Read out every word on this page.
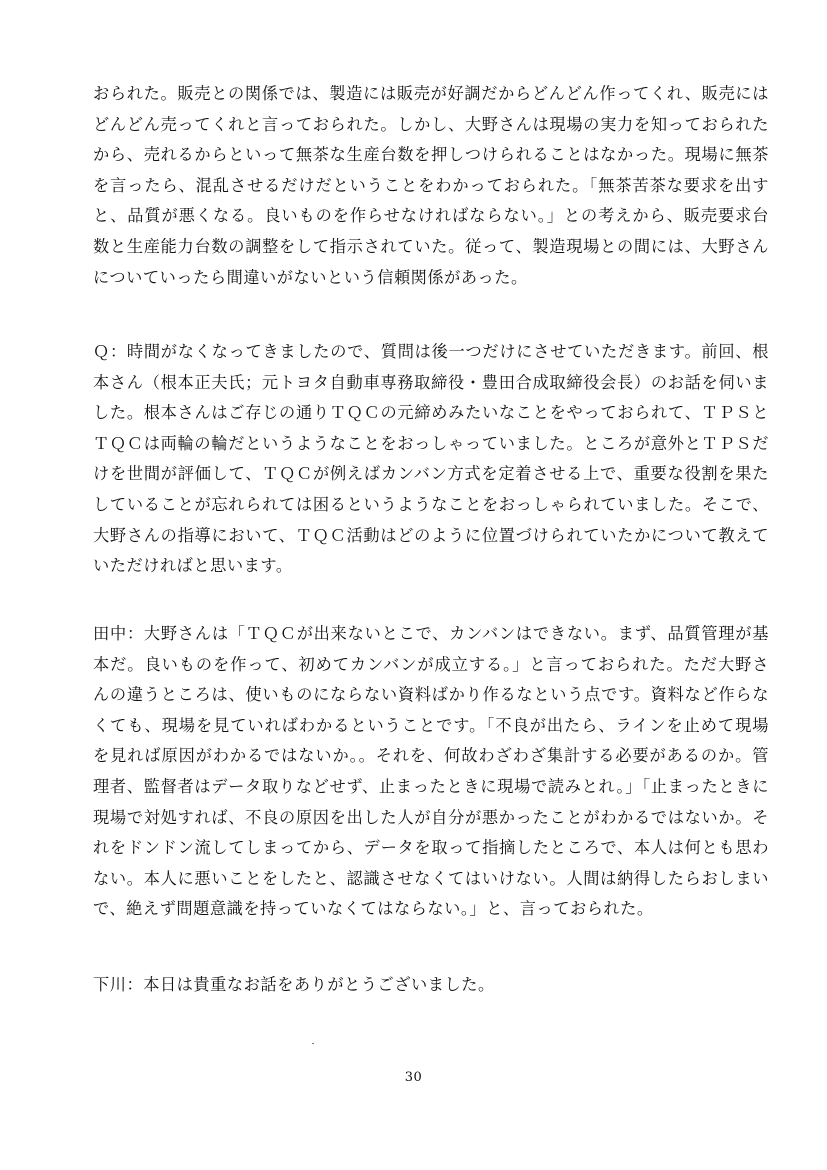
おられた。販売との関係では、製造には販売が好調だからどんどん作ってくれ、販売にはどんどん売ってくれと言っておられた。しかし、大野さんは現場の実力を知っておられたから、売れるからといって無茶な生産台数を押しつけられることはなかった。現場に無茶を言ったら、混乱させるだけだということをわかっておられた。「無茶苦茶な要求を出すと、品質が悪くなる。良いものを作らせなければならない。」との考えから、販売要求台数と生産能力台数の調整をして指示されていた。従って、製造現場との間には、大野さんについていったら間違いがないという信頼関係があった。

Ｑ：時間がなくなってきましたので、質問は後一つだけにさせていただきます。前回、根本さん（根本正夫氏；元トヨタ自動車専務取締役・豊田合成取締役会長）のお話を伺いました。根本さんはご存じの通りＴＱＣの元締めみたいなことをやっておられて、ＴＰＳとＴＱＣは両輪の輪だというようなことをおっしゃっていました。ところが意外とＴＰＳだけを世間が評価して、ＴＱＣが例えばカンバン方式を定着させる上で、重要な役割を果たしていることが忘れられては困るというようなことをおっしゃられていました。そこで、大野さんの指導において、ＴＱＣ活動はどのように位置づけられていたかについて教えていただければと思います。

田中：大野さんは「ＴＱＣが出来ないとこで、カンバンはできない。まず、品質管理が基本だ。良いものを作って、初めてカンバンが成立する。」と言っておられた。ただ大野さんの違うところは、使いものにならない資料ばかり作るなという点です。資料など作らなくても、現場を見ていればわかるということです。「不良が出たら、ラインを止めて現場を見れば原因がわかるではないか。。それを、何故わざわざ集計する必要があるのか。管理者、監督者はデータ取りなどせず、止まったときに現場で読みとれ。」「止まったときに現場で対処すれば、不良の原因を出した人が自分が悪かったことがわかるではないか。それをドンドン流してしまってから、データを取って指摘したところで、本人は何とも思わない。本人に悪いことをしたと、認識させなくてはいけない。人間は納得したらおしまいで、絶えず問題意識を持っていなくてはならない。」と、言っておられた。

下川：本日は貴重なお話をありがとうございました。

30
